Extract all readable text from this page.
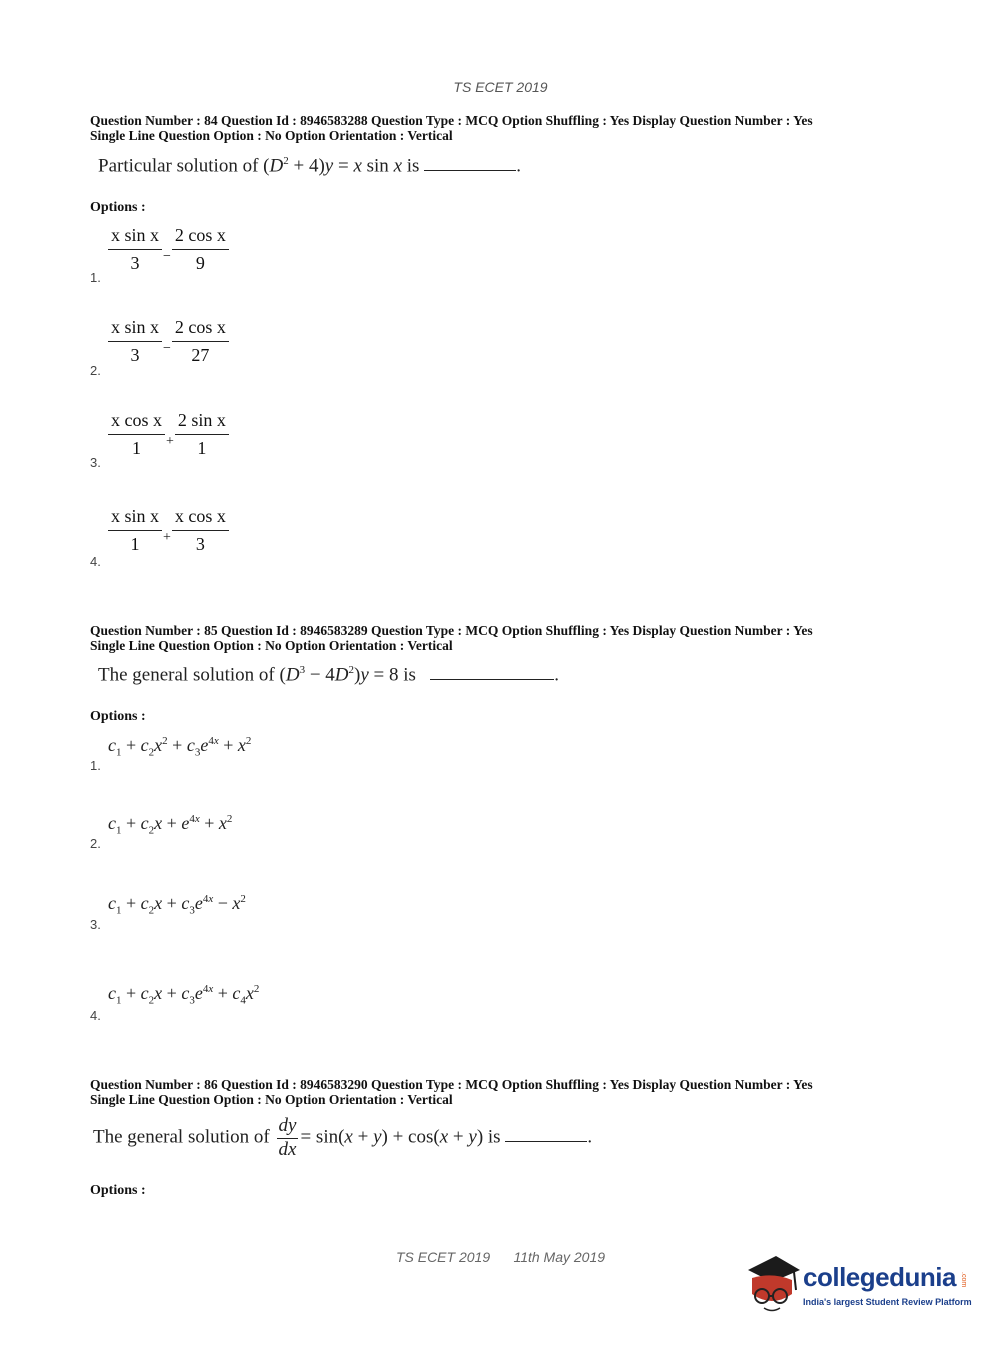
TS ECET 2019
Question Number : 84 Question Id : 8946583288 Question Type : MCQ Option Shuffling : Yes Display Question Number : Yes
Single Line Question Option : No Option Orientation : Vertical
Particular solution of $(D^2 + 4)y = x$ sin x is	.
Options :
$\frac{\text{x sin x}}{3} - \frac{\text{2 cos x}}{9}$
1.
$\frac{\text{x sin x}}{3} - \frac{\text{2 cos x}}{27}$
2.
$\frac{\text{x cos x}}{1} + \frac{\text{2 sin x}}{1}$
3.
$\frac{\text{x sin x}}{1} + \frac{\text{x cos x}}{3}$
4.
Question Number : 85 Question Id : 8946583289 Question Type : MCQ Option Shuffling : Yes Display Question Number : Yes
Single Line Question Option : No Option Orientation : Vertical
The general solution of $(D^3 - 4D^2)y = 8$ is	.
Options :
$c_1 + c_2x^2 + c_3e^{4x} + x^2$
1.
$c_1 + c_2x + e^{4x} + x^2$
2.
$c_1 + c_2x + c_3e^{4x} - x^2$
3.
$c_1 + c_2x + c_3e^{4x} + c_4x^2$
4.
Question Number : 86 Question Id : 8946583290 Question Type : MCQ Option Shuffling : Yes Display Question Number : Yes
Single Line Question Option : No Option Orientation : Vertical
The general solution of $\frac{dy}{dx} = \sin(x + y) + \cos(x + y)$ is	.
Options :
TS ECET 2019      11th May 2019
collegedunia .com
India's largest Student Review Platform
